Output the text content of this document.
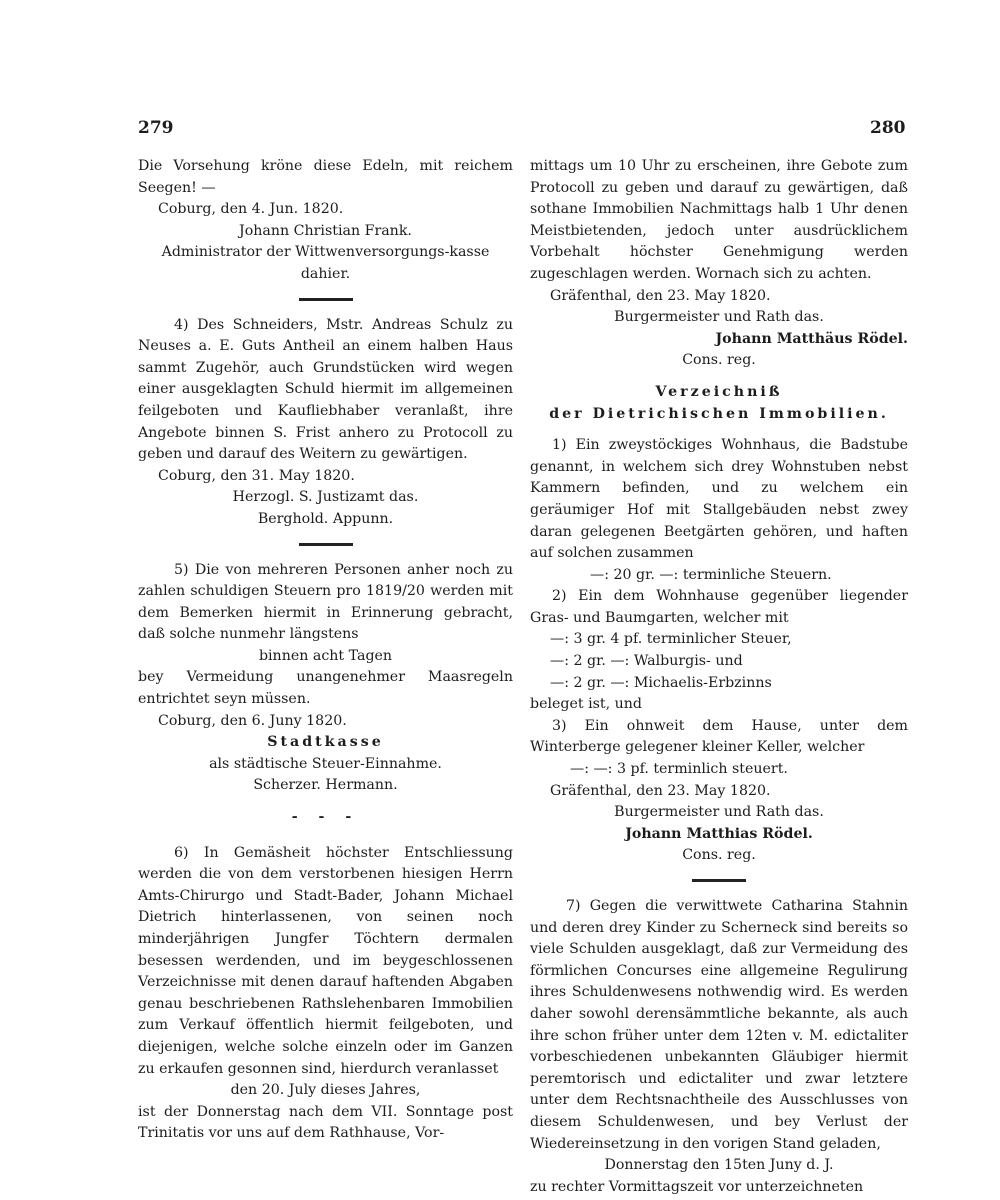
279	280

Die Vorsehung kröne diese Edeln, mit reichem Seegen! —

Coburg, den 4. Jun. 1820.

Johann Christian Frank.

Administrator der Wittwenversorgungs-kasse dahier.

4) Des Schneiders, Mstr. Andreas Schulz zu Neuses a. E. Guts Antheil an einem halben Haus sammt Zugehör, auch Grundstücken wird wegen einer ausgeklagten Schuld hiermit im allgemeinen feilgeboten und Kaufliebhaber veranlaßt, ihre Angebote binnen S. Frist anhero zu Protocoll zu geben und darauf des Weitern zu gewärtigen.

Coburg, den 31. May 1820.

Herzogl. S. Justizamt das.

Berghold. Appunn.

5) Die von mehreren Personen anher noch zu zahlen schuldigen Steuern pro 1819/20 werden mit dem Bemerken hiermit in Erinnerung gebracht, daß solche nunmehr längstens

binnen acht Tagen

bey Vermeidung unangenehmer Maasregeln entrichtet seyn müssen.

Coburg, den 6. Juny 1820.

Stadtkasse

als städtische Steuer-Einnahme.

Scherzer. Hermann.

- - -

6) In Gemäsheit höchster Entschliessung werden die von dem verstorbenen hiesigen Herrn Amts-Chirurgo und Stadt-Bader, Johann Michael Dietrich hinterlassenen, von seinen noch minderjährigen Jungfer Töchtern dermalen besessen werdenden, und im beygeschlossenen Verzeichnisse mit denen darauf haftenden Abgaben genau beschriebenen Rathslehenbaren Immobilien zum Verkauf öffentlich hiermit feilgeboten, und diejenigen, welche solche einzeln oder im Ganzen zu erkaufen gesonnen sind, hierdurch veranlasset

den 20. July dieses Jahres,

ist der Donnerstag nach dem VII. Sonntage post Trinitatis vor uns auf dem Rathhause, Vor-

mittags um 10 Uhr zu erscheinen, ihre Gebote zum Protocoll zu geben und darauf zu gewärtigen, daß sothane Immobilien Nachmittags halb 1 Uhr denen Meistbietenden, jedoch unter ausdrücklichem Vorbehalt höchster Genehmigung werden zugeschlagen werden. Wornach sich zu achten.

Gräfenthal, den 23. May 1820.

Burgermeister und Rath das.

Johann Matthäus Rödel.

Cons. reg.

Verzeichniß

der Dietrichischen Immobilien.

1) Ein zweystöckiges Wohnhaus, die Badstube genannt, in welchem sich drey Wohnstuben nebst Kammern befinden, und zu welchem ein geräumiger Hof mit Stallgebäuden nebst zwey daran gelegenen Beetgärten gehören, und haften auf solchen zusammen

—: 20 gr. —: terminliche Steuern.

2) Ein dem Wohnhause gegenüber liegender Gras- und Baumgarten, welcher mit

—: 3 gr. 4 pf. terminlicher Steuer,

—: 2 gr. —: Walburgis- und

—: 2 gr. —: Michaelis-Erbzinns

beleget ist, und

3) Ein ohnweit dem Hause, unter dem Winterberge gelegener kleiner Keller, welcher

—: —: 3 pf. terminlich steuert.

Gräfenthal, den 23. May 1820.

Burgermeister und Rath das.

Johann Matthias Rödel.

Cons. reg.

7) Gegen die verwittwete Catharina Stahnin und deren drey Kinder zu Scherneck sind bereits so viele Schulden ausgeklagt, daß zur Vermeidung des förmlichen Concurses eine allgemeine Regulirung ihres Schuldenwesens nothwendig wird. Es werden daher sowohl derensämmtliche bekannte, als auch ihre schon früher unter dem 12ten v. M. edictaliter vorbeschiedenen unbekannten Gläubiger hiermit peremtorisch und edictaliter und zwar letztere unter dem Rechtsnachtheile des Ausschlusses von diesem Schuldenwesen, und bey Verlust der Wiedereinsetzung in den vorigen Stand geladen,

Donnerstag den 15ten Juny d. J.

zu rechter Vormittagszeit vor unterzeichneten
